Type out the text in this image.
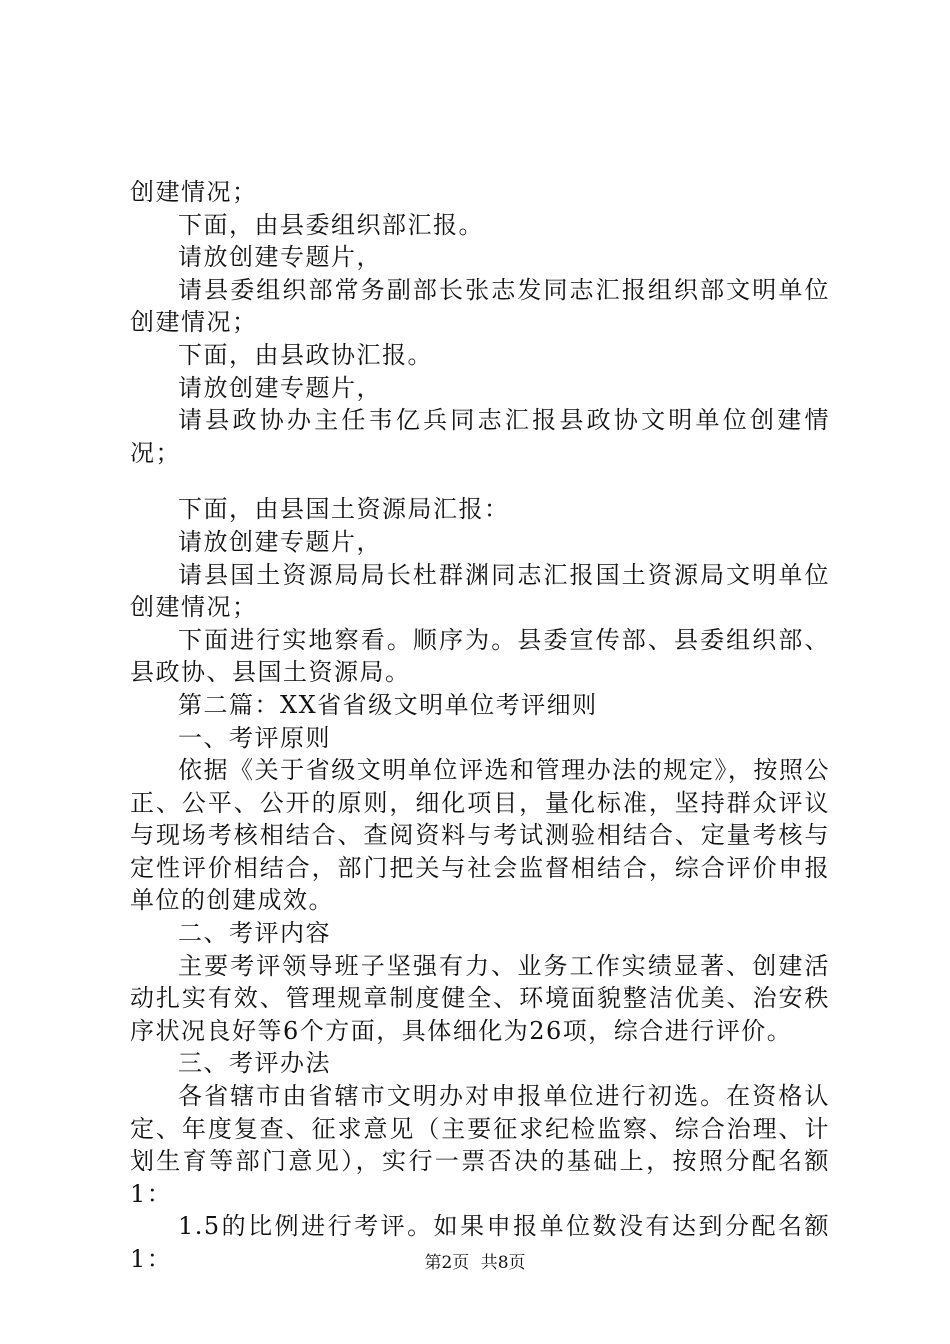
创建情况；

下面，由县委组织部汇报。

请放创建专题片，

请县委组织部常务副部长张志发同志汇报组织部文明单位创建情况；

下面，由县政协汇报。

请放创建专题片，

请县政协办主任韦亿兵同志汇报县政协文明单位创建情况；

下面，由县国土资源局汇报：

请放创建专题片，

请县国土资源局局长杜群渊同志汇报国土资源局文明单位创建情况；

下面进行实地察看。顺序为。县委宣传部、县委组织部、县政协、县国土资源局。

第二篇：XX省省级文明单位考评细则

一、考评原则

依据《关于省级文明单位评选和管理办法的规定》，按照公正、公平、公开的原则，细化项目，量化标准，坚持群众评议与现场考核相结合、查阅资料与考试测验相结合、定量考核与定性评价相结合，部门把关与社会监督相结合，综合评价申报单位的创建成效。

二、考评内容

主要考评领导班子坚强有力、业务工作实绩显著、创建活动扎实有效、管理规章制度健全、环境面貌整洁优美、治安秩序状况良好等6个方面，具体细化为26项，综合进行评价。

三、考评办法

各省辖市由省辖市文明办对申报单位进行初选。在资格认定、年度复查、征求意见（主要征求纪检监察、综合治理、计划生育等部门意见），实行一票否决的基础上，按照分配名额1：

1.5的比例进行考评。如果申报单位数没有达到分配名额1：	第2页 共8页
